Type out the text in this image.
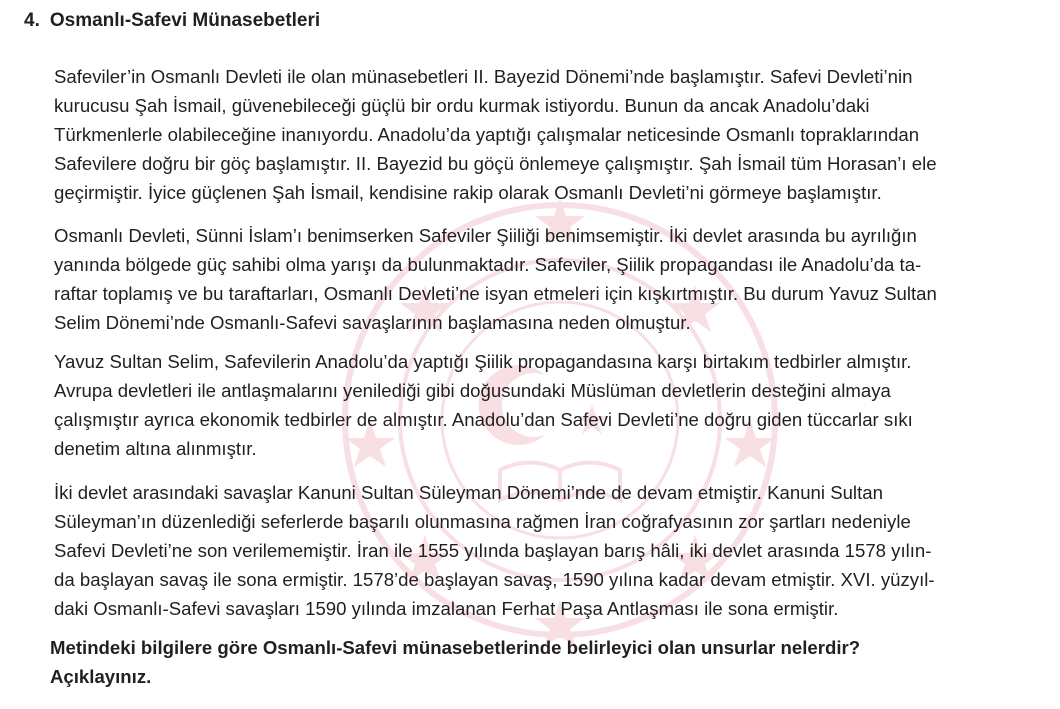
4. Osmanlı-Safevi Münasebetleri
Safeviler’in Osmanlı Devleti ile olan münasebetleri II. Bayezid Dönemi’nde başlamıştır. Safevi Devleti’nin
kurucusu Şah İsmail, güvenebileceği güçlü bir ordu kurmak istiyordu. Bunun da ancak Anadolu’daki
Türkmenlerle olabileceğine inanıyordu. Anadolu’da yaptığı çalışmalar neticesinde Osmanlı topraklarından
Safevilere doğru bir göç başlamıştır. II. Bayezid bu göçü önlemeye çalışmıştır. Şah İsmail tüm Horasan’ı ele
geçirmiştir. İyice güçlenen Şah İsmail, kendisine rakip olarak Osmanlı Devleti’ni görmeye başlamıştır.
Osmanlı Devleti, Sünni İslam’ı benimserken Safeviler Şiiliği benimsemiştir. İki devlet arasında bu ayrılığın
yanında bölgede güç sahibi olma yarışı da bulunmaktadır. Safeviler, Şiilik propagandası ile Anadolu’da ta-
raftar toplamış ve bu taraftarları, Osmanlı Devleti’ne isyan etmeleri için kışkırtmıştır. Bu durum Yavuz Sultan
Selim Dönemi’nde Osmanlı-Safevi savaşlarının başlamasına neden olmuştur.
Yavuz Sultan Selim, Safevilerin Anadolu’da yaptığı Şiilik propagandasına karşı birtakım tedbirler almıştır.
Avrupa devletleri ile antlaşmalarını yenilediği gibi doğusundaki Müslüman devletlerin desteğini almaya
çalışmıştır ayrıca ekonomik tedbirler de almıştır. Anadolu’dan Safevi Devleti’ne doğru giden tüccarlar sıkı
denetim altına alınmıştır.
İki devlet arasındaki savaşlar Kanuni Sultan Süleyman Dönemi’nde de devam etmiştir. Kanuni Sultan
Süleyman’ın düzenlediği seferlerde başarılı olunmasına rağmen İran coğrafyasının zor şartları nedeniyle
Safevi Devleti’ne son verilememiştir. İran ile 1555 yılında başlayan barış hâli, iki devlet arasında 1578 yılın-
da başlayan savaş ile sona ermiştir. 1578’de başlayan savaş, 1590 yılına kadar devam etmiştir. XVI. yüzyıl-
daki Osmanlı-Safevi savaşları 1590 yılında imzalanan Ferhat Paşa Antlaşması ile sona ermiştir.
Metindeki bilgilere göre Osmanlı-Safevi münasebetlerinde belirleyici olan unsurlar nelerdir?
Açıklayınız.
